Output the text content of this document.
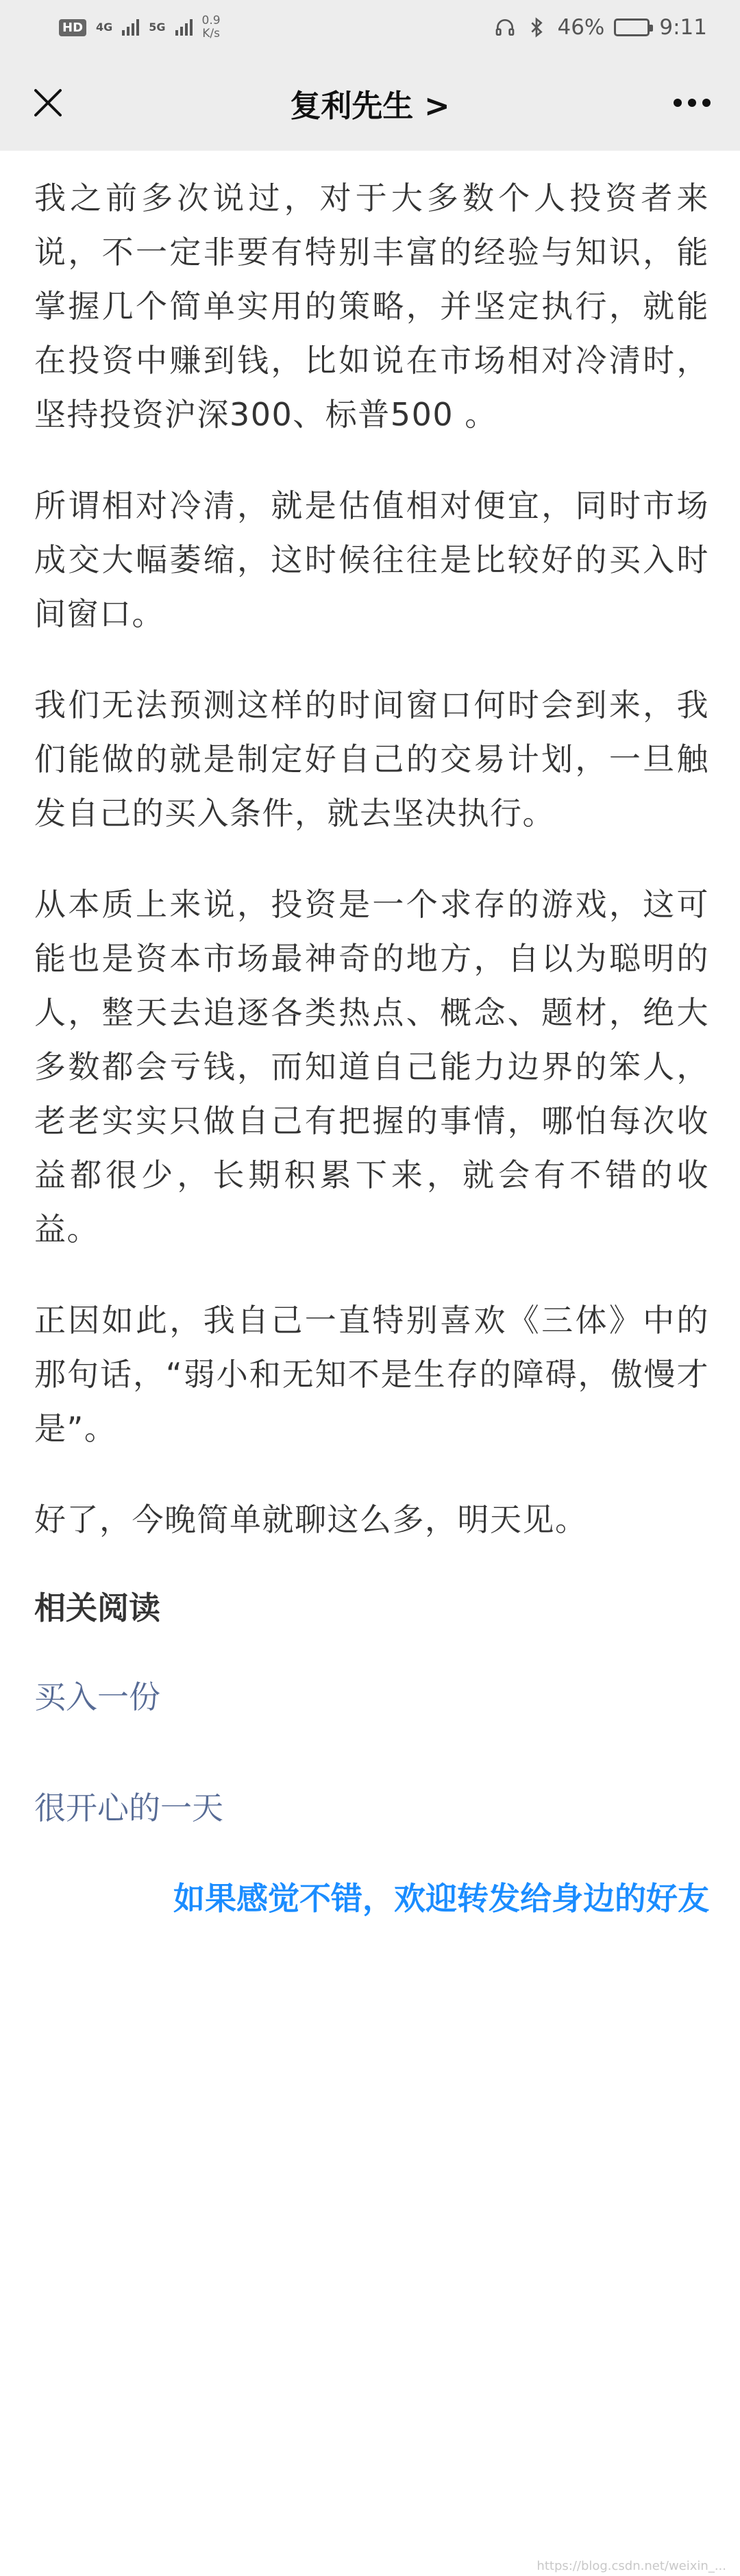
HD	4G	5G	0.9
K/s	46%	9:11
复利先生 >

我之前多次说过，对于大多数个人投资者来说，不一定非要有特别丰富的经验与知识，能掌握几个简单实用的策略，并坚定执行，就能在投资中赚到钱，比如说在市场相对冷清时，坚持投资沪深300、标普500 。

所谓相对冷清，就是估值相对便宜，同时市场成交大幅萎缩，这时候往往是比较好的买入时间窗口。

我们无法预测这样的时间窗口何时会到来，我们能做的就是制定好自己的交易计划，一旦触发自己的买入条件，就去坚决执行。

从本质上来说，投资是一个求存的游戏，这可能也是资本市场最神奇的地方，自以为聪明的人，整天去追逐各类热点、概念、题材，绝大多数都会亏钱，而知道自己能力边界的笨人，老老实实只做自己有把握的事情，哪怕每次收益都很少，长期积累下来，就会有不错的收益。

正因如此，我自己一直特别喜欢《三体》中的那句话，“弱小和无知不是生存的障碍，傲慢才是”。

好了，今晚简单就聊这么多，明天见。

相关阅读
买入一份
很开心的一天
如果感觉不错，欢迎转发给身边的好友
https://blog.csdn.net/weixin_...
